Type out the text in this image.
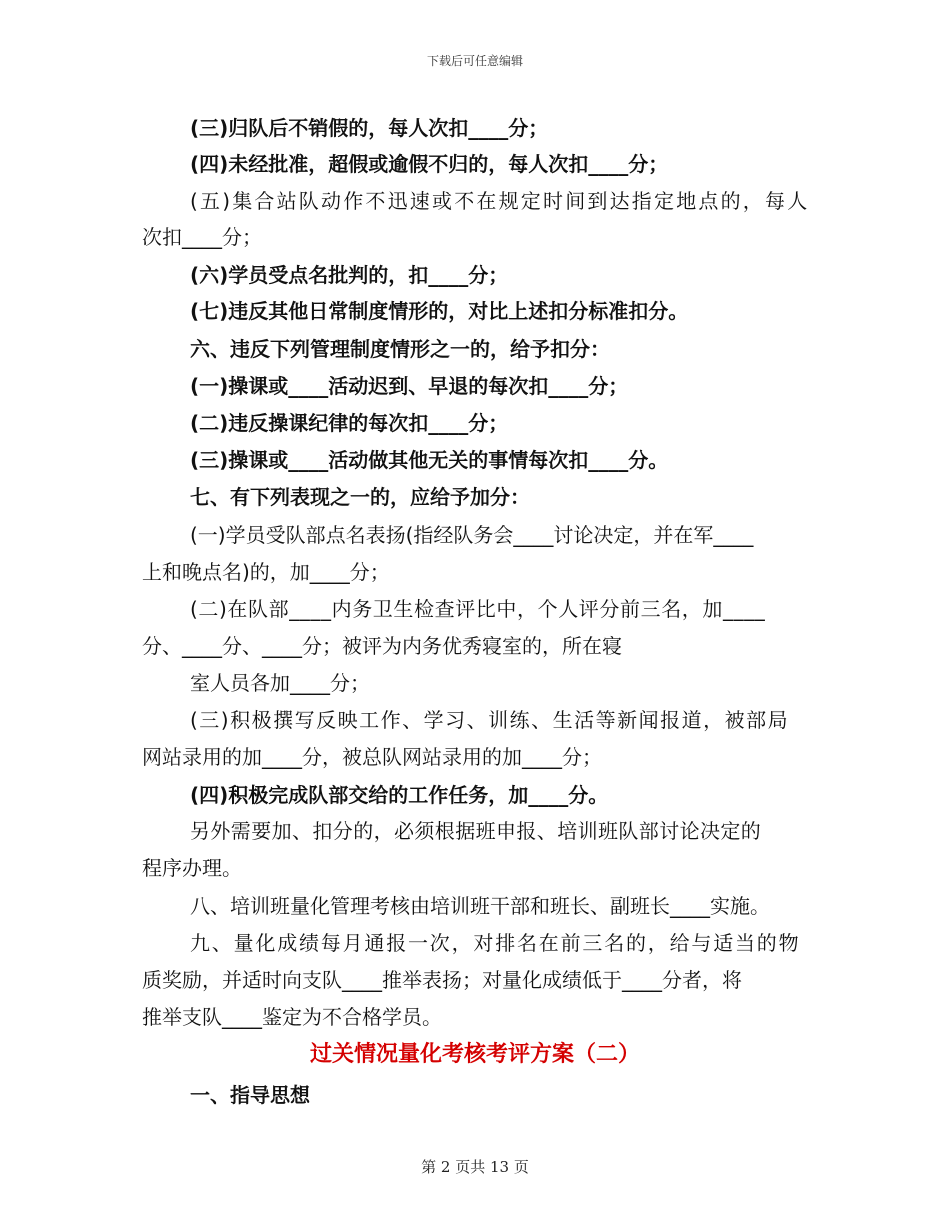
下载后可任意编辑
(三)归队后不销假的，每人次扣____分；
(四)未经批准，超假或逾假不归的，每人次扣____分；
(五)集合站队动作不迅速或不在规定时间到达指定地点的，每人
次扣____分；
(六)学员受点名批判的，扣____分；
(七)违反其他日常制度情形的，对比上述扣分标准扣分。
六、违反下列管理制度情形之一的，给予扣分：
(一)操课或____活动迟到、早退的每次扣____分；
(二)违反操课纪律的每次扣____分；
(三)操课或____活动做其他无关的事情每次扣____分。
七、有下列表现之一的，应给予加分：
(一)学员受队部点名表扬(指经队务会____讨论决定，并在军____
上和晚点名)的，加____分；
(二)在队部____内务卫生检查评比中，个人评分前三名，加____
分、____分、____分；被评为内务优秀寝室的，所在寝
室人员各加____分；
(三)积极撰写反映工作、学习、训练、生活等新闻报道，被部局
网站录用的加____分，被总队网站录用的加____分；
(四)积极完成队部交给的工作任务，加____分。
另外需要加、扣分的，必须根据班申报、培训班队部讨论决定的
程序办理。
八、培训班量化管理考核由培训班干部和班长、副班长____实施。
九、量化成绩每月通报一次，对排名在前三名的，给与适当的物
质奖励，并适时向支队____推举表扬；对量化成绩低于____分者，将
推举支队____鉴定为不合格学员。
过关情况量化考核考评方案（二）
一、指导思想
第 2 页共 13 页
